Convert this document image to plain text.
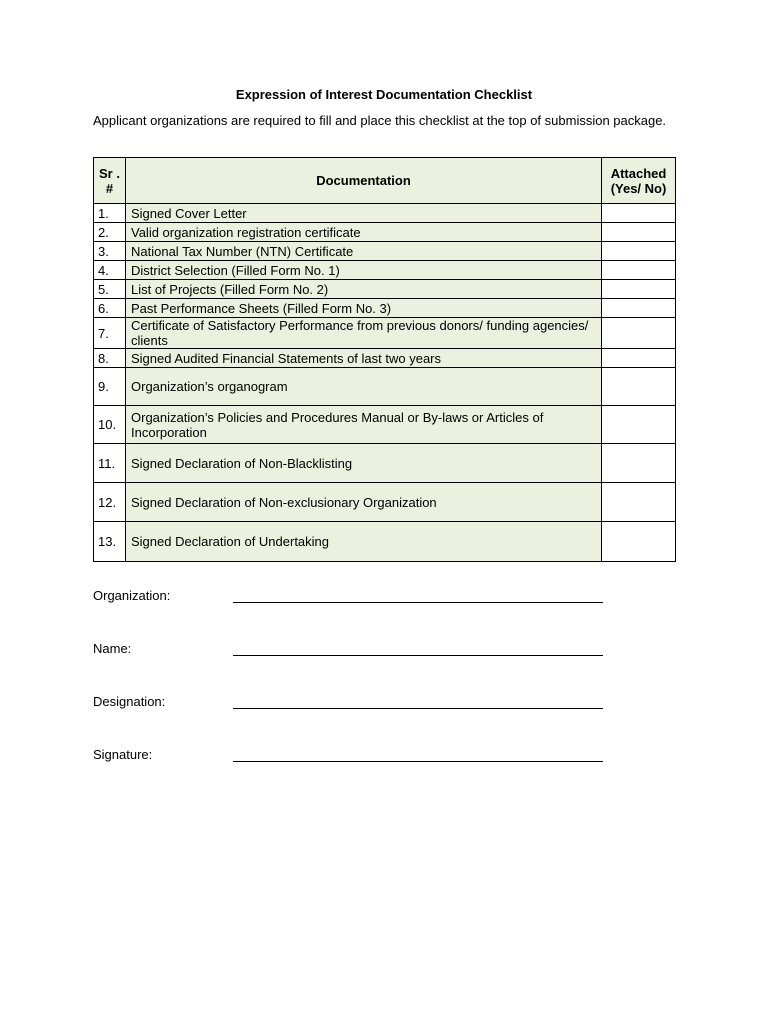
Expression of Interest Documentation Checklist
Applicant organizations are required to fill and place this checklist at the top of submission package.
Sr . #	Documentation	Attached (Yes/ No)
1.	Signed Cover Letter	
2.	Valid organization registration certificate	
3.	National Tax Number (NTN) Certificate	
4.	District Selection (Filled Form No. 1)	
5.	List of Projects (Filled Form No. 2)	
6.	Past Performance Sheets (Filled Form No. 3)	
7.	Certificate of Satisfactory Performance from previous donors/ funding agencies/ clients	
8.	Signed Audited Financial Statements of last two years	
9.	Organization’s organogram	
10.	Organization’s Policies and Procedures Manual or By-laws or Articles of Incorporation	
11.	Signed Declaration of Non-Blacklisting	
12.	Signed Declaration of Non-exclusionary Organization	
13.	Signed Declaration of Undertaking	
Organization:
Name:
Designation:
Signature:
